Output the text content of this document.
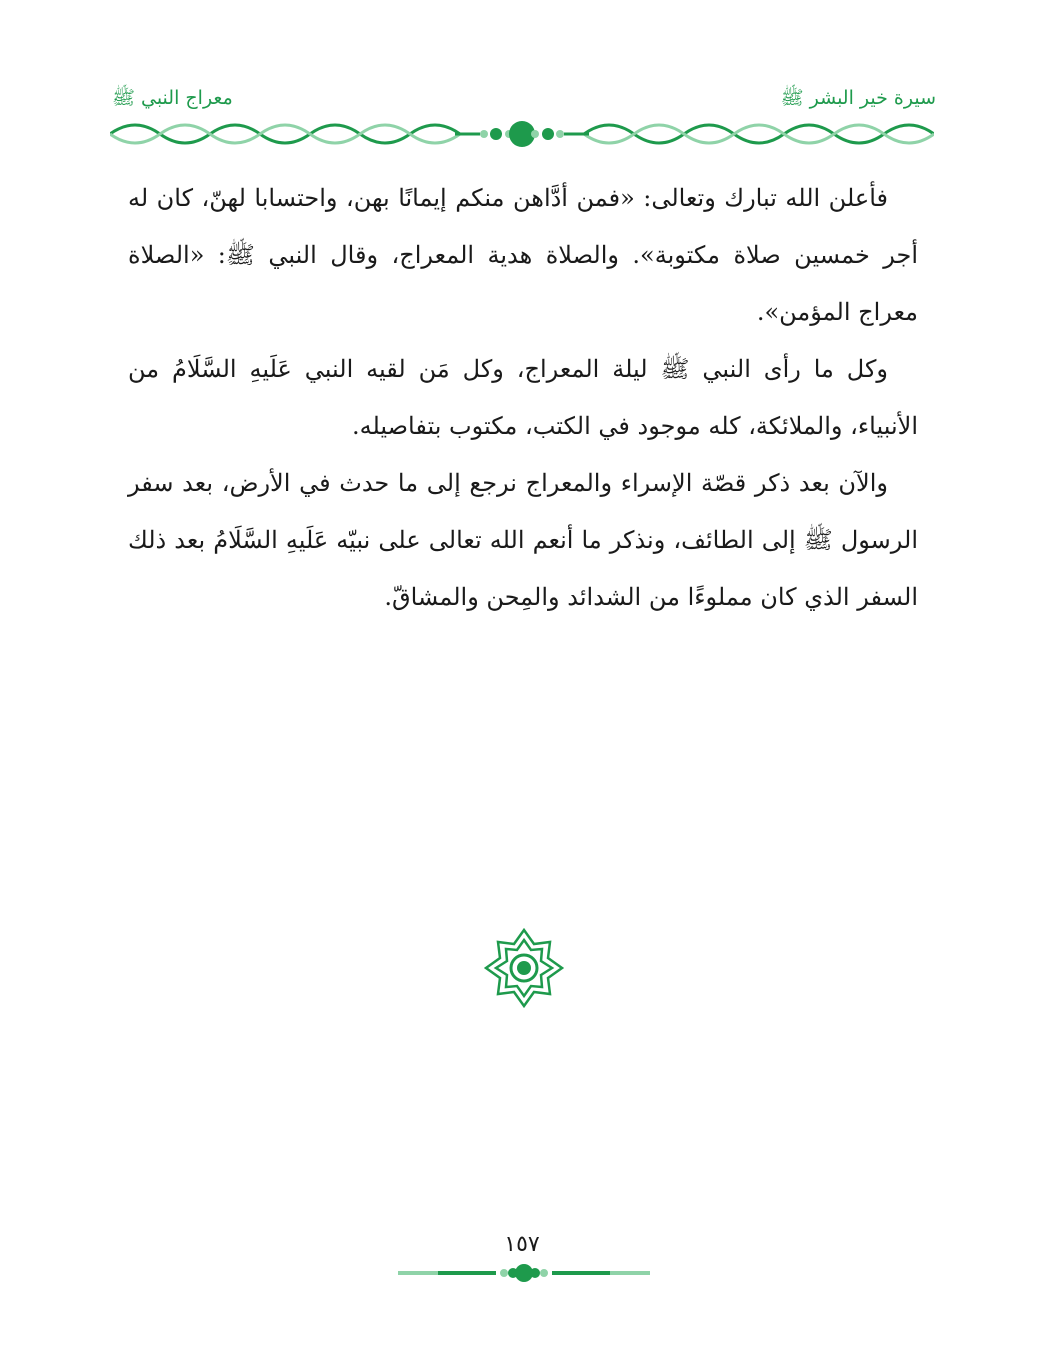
سيرة خير البشر ﷺ
معراج النبي ﷺ

فأعلن الله تبارك وتعالى: «فمن أدَّاهن منكم إيمانًا بهن، واحتسابا لهنّ، كان له أجر خمسين صلاة مكتوبة». والصلاة هدية المعراج، وقال النبي ﷺ: «الصلاة معراج المؤمن».

وكل ما رأى النبي ﷺ ليلة المعراج، وكل مَن لقيه النبي عَلَيهِ السَّلَامُ من الأنبياء، والملائكة، كله موجود في الكتب، مكتوب بتفاصيله.

والآن بعد ذكر قصّة الإسراء والمعراج نرجع إلى ما حدث في الأرض، بعد سفر الرسول ﷺ إلى الطائف، ونذكر ما أنعم الله تعالى على نبيّه عَلَيهِ السَّلَامُ بعد ذلك السفر الذي كان مملوءًا من الشدائد والمِحن والمشاقّ.

١٥٧
